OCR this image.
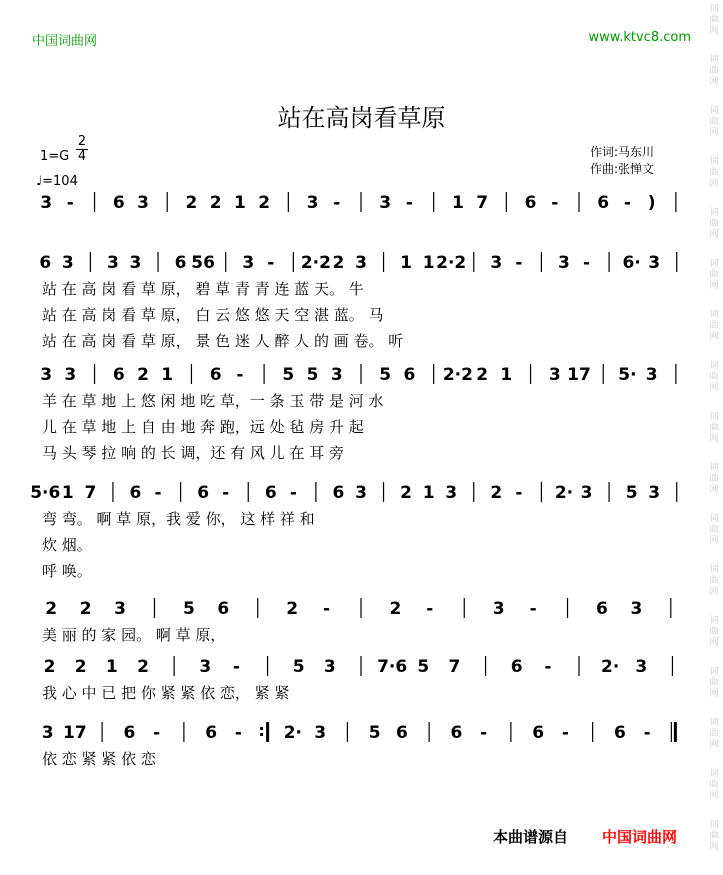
中国词曲网	www.ktvc8.com
词
曲
网
词
曲
网
词
曲
网
词
曲
网
词
曲
网
词
曲
网
词
曲
网
词
曲
网
词
曲
网
词
曲
网
词
曲
网
词
曲
网
词
曲
网
词
曲
网
词
曲
网
词
曲
网
词
曲
网
站在高岗看草原
1=G
2
4
♩=104
作词:马东川
作曲:张惮文
3 - 6 3 2 2 1 2 3 - 3 - 1 7 6 - 6 - )
6 3 3 3 6 56 3 - 2·2 2 3 1 1 2·2 3 - 3 - 6· 3
站 在 高 岗 看 草 原， 碧 草 青 青 连 蓝 天。 牛
站 在 高 岗 看 草 原， 白 云 悠 悠 天 空 湛 蓝。 马
站 在 高 岗 看 草 原， 景 色 迷 人 醉 人 的 画 卷。 听
3 3 6 2 1 6 - 5 5 3 5 6 2·2 2 1 3 17 5· 3
羊 在 草 地 上 悠 闲 地 吃 草，一 条 玉 带 是 河 水
儿 在 草 地 上 自 由 地 奔 跑，远 处 毡 房 升 起
马 头 琴 拉 响 的 长 调，还 有 风 儿 在 耳 旁
5·6 1 7 6 - 6 - 6 - 6 3 2 1 3 2 - 2· 3 5 3
弯 弯。 啊 草 原，我 爱 你， 这 样 祥 和
炊 烟。
呼 唤。
2 2 3	5 6	2 -	2 -	3 -	6 3
美 丽 的 家 园。 啊 草 原，
2 2 1 2	3 -	5 3 7·6 5 7	6 -	2· 3
我 心 中 已 把 你 紧 紧 依 恋， 紧 紧
3 17 6 -	6 - : 2· 3	5 6	6 -	6 -	6 -
依 恋 紧 紧 依 恋
本曲谱源自 中国词曲网
